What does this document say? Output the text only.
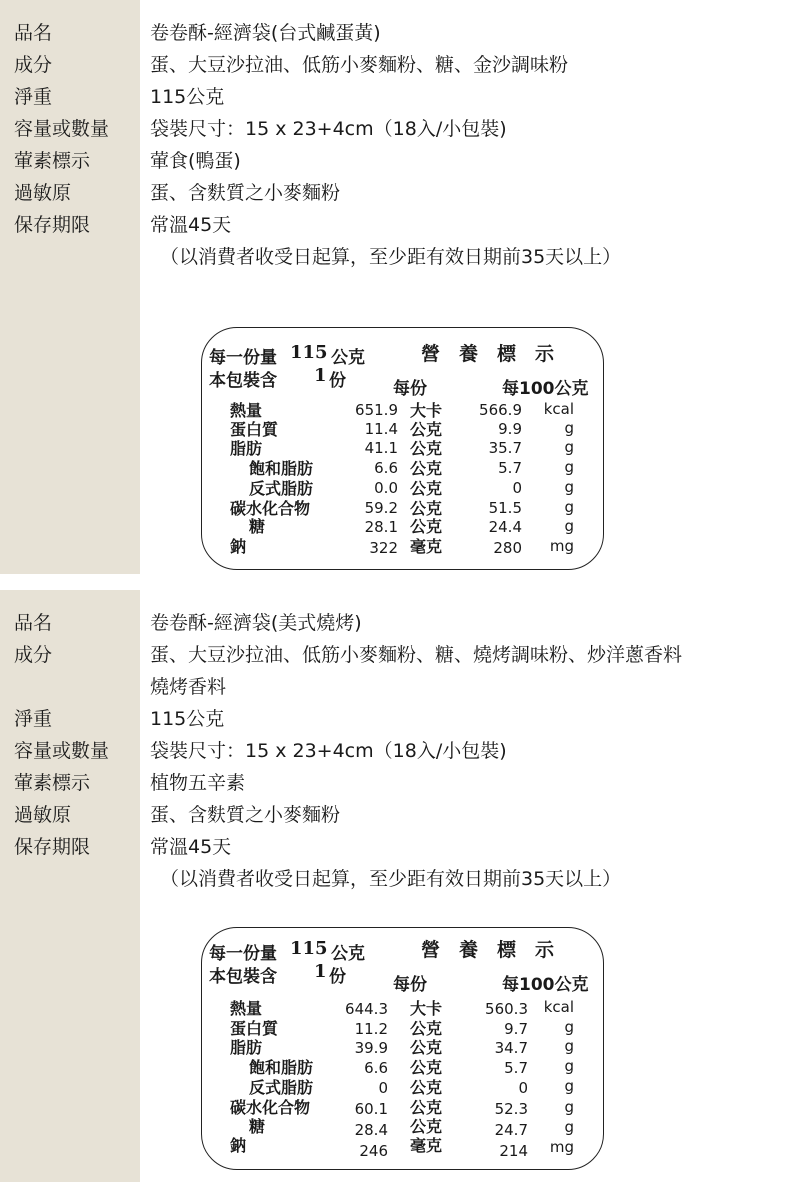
品名	卷卷酥-經濟袋(台式鹹蛋黃)
成分	蛋、大豆沙拉油、低筋小麥麵粉、糖、金沙調味粉
淨重	115公克
容量或數量 袋裝尺寸：15 x 23+4cm（18入/小包裝)
葷素標示	葷食(鴨蛋)
過敏原	蛋、含麩質之小麥麵粉
保存期限	常溫45天
（以消費者收受日起算，至少距有效日期前35天以上）
每一份量 115 公克	營　養　標　示
本包裝含 1 份	每份	每100公克
熱量	651.9 大卡	566.9	kcal
蛋白質	11.4 公克	9.9	g
脂肪	41.1 公克	35.7	g
飽和脂肪	6.6 公克	5.7	g
反式脂肪	0.0 公克	0	g
碳水化合物	59.2 公克	51.5	g
糖	28.1 公克	24.4	g
鈉	322 毫克	280	mg
品名	卷卷酥-經濟袋(美式燒烤)
成分	蛋、大豆沙拉油、低筋小麥麵粉、糖、燒烤調味粉、炒洋蔥香料
燒烤香料
淨重	115公克
容量或數量 袋裝尺寸：15 x 23+4cm（18入/小包裝)
葷素標示	植物五辛素
過敏原	蛋、含麩質之小麥麵粉
保存期限	常溫45天
（以消費者收受日起算，至少距有效日期前35天以上）
每一份量 115 公克	營　養　標　示
本包裝含 1 份	每份	每100公克
熱量	644.3 大卡	560.3	kcal
蛋白質	11.2 公克	9.7	g
脂肪	39.9 公克	34.7	g
飽和脂肪	6.6 公克	5.7	g
反式脂肪	0 公克	0	g
碳水化合物	60.1 公克	52.3	g
糖	28.4 公克	24.7	g
鈉	246 毫克	214	mg
